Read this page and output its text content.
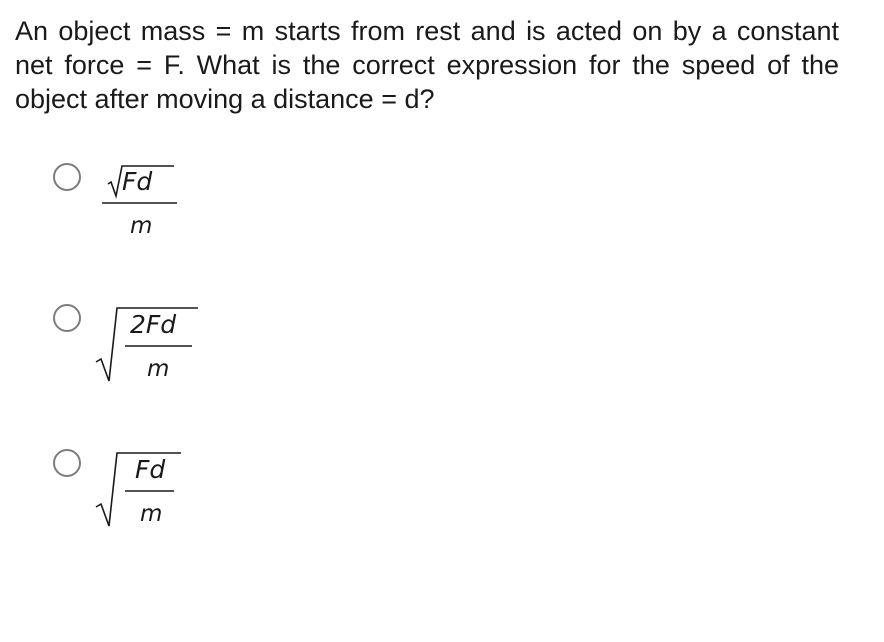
An object mass = m starts from rest and is acted on by a constant net force = F. What is the correct expression for the speed of the object after moving a distance = d?

Fd
m
2Fd
m
Fd
m
